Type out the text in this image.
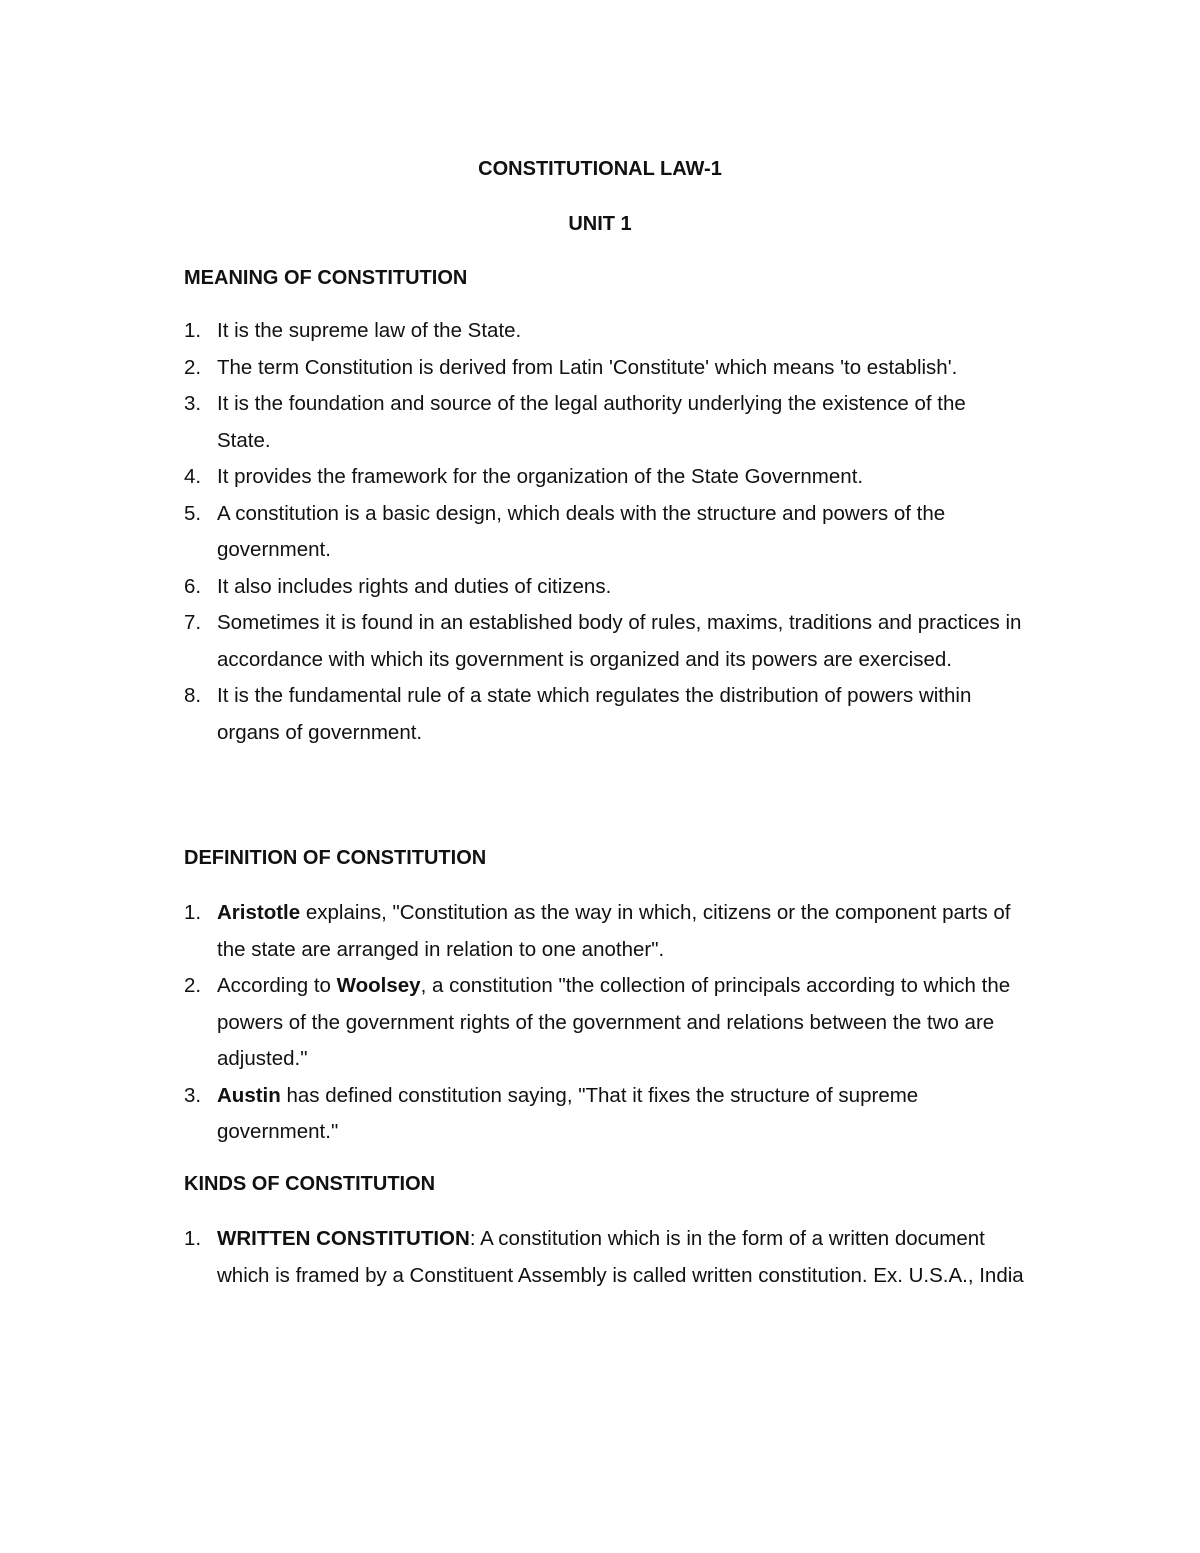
CONSTITUTIONAL LAW-1
UNIT 1
MEANING OF CONSTITUTION
1. It is the supreme law of the State.
2. The term Constitution is derived from Latin 'Constitute' which means 'to establish'.
3. It is the foundation and source of the legal authority underlying the existence of the State.
4. It provides the framework for the organization of the State Government.
5. A constitution is a basic design, which deals with the structure and powers of the government.
6. It also includes rights and duties of citizens.
7. Sometimes it is found in an established body of rules, maxims, traditions and practices in accordance with which its government is organized and its powers are exercised.
8. It is the fundamental rule of a state which regulates the distribution of powers within organs of government.
DEFINITION OF CONSTITUTION
1. Aristotle explains, "Constitution as the way in which, citizens or the component parts of the state are arranged in relation to one another".
2. According to Woolsey, a constitution "the collection of principals according to which the powers of the government rights of the government and relations between the two are adjusted."
3. Austin has defined constitution saying, "That it fixes the structure of supreme government."
KINDS OF CONSTITUTION
1. WRITTEN CONSTITUTION: A constitution which is in the form of a written document which is framed by a Constituent Assembly is called written constitution. Ex. U.S.A., India
